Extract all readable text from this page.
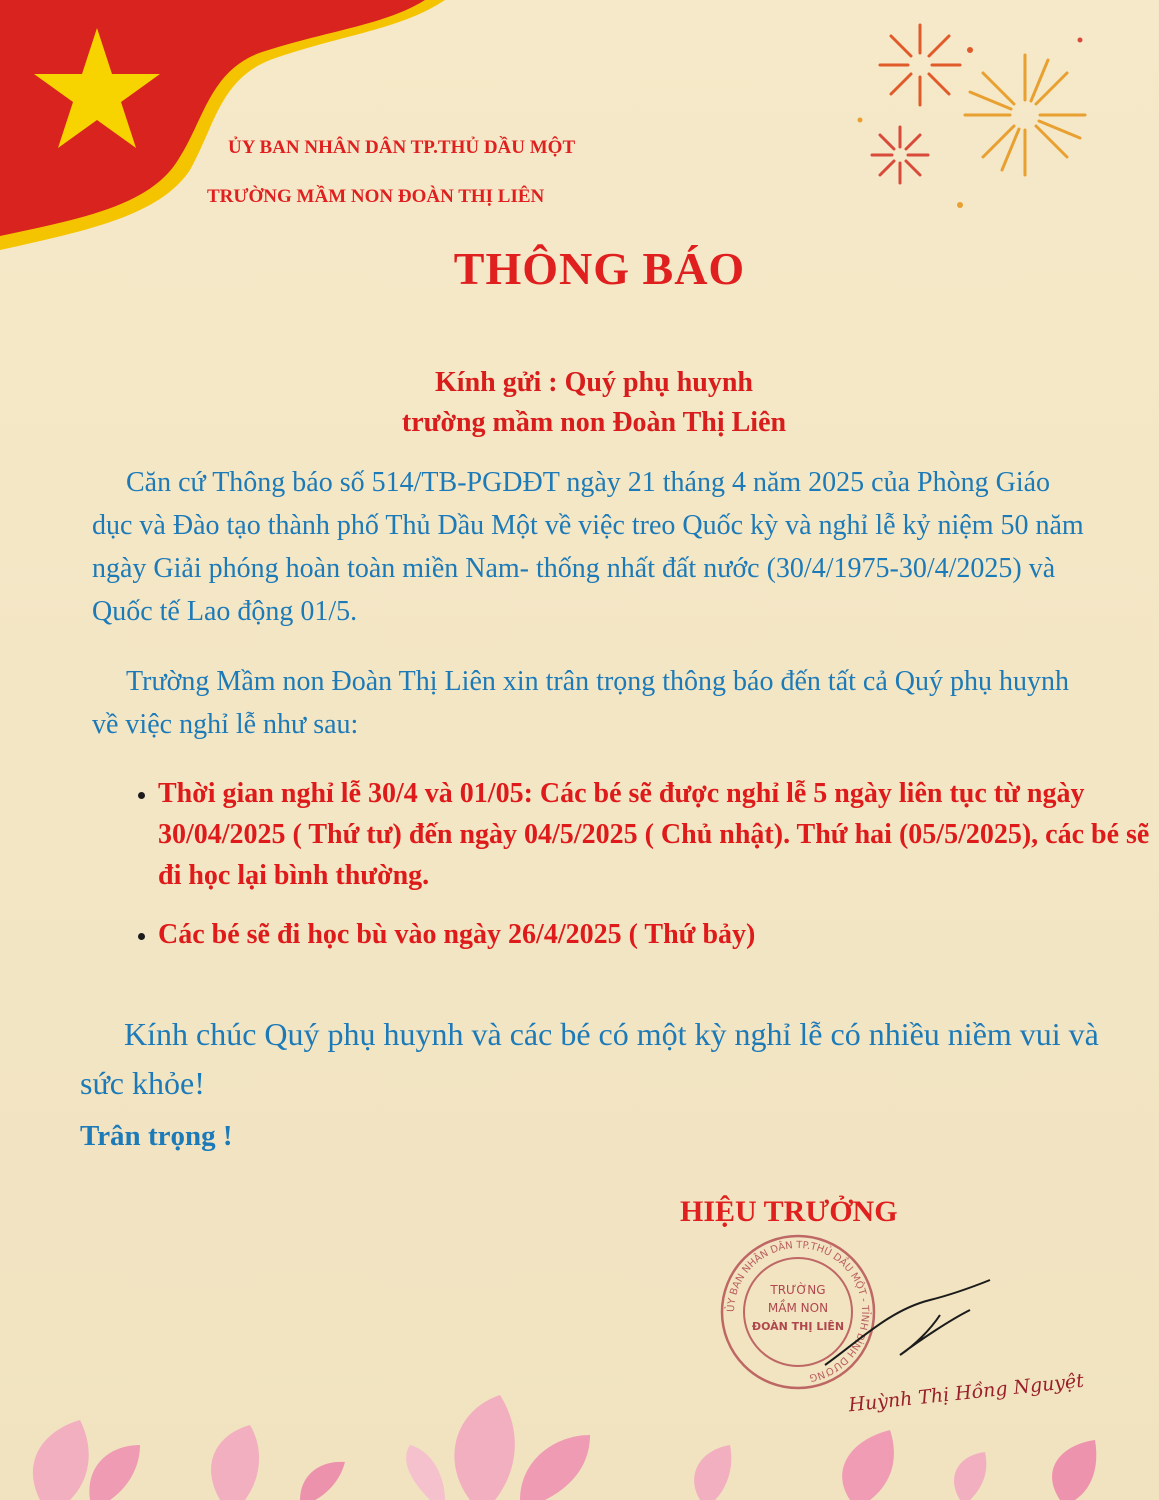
ỦY BAN NHÂN DÂN TP.THỦ DẦU MỘT
TRƯỜNG MẦM NON ĐOÀN THỊ LIÊN
THÔNG BÁO
Kính gửi : Quý phụ huynh
trường mầm non Đoàn Thị Liên
Căn cứ Thông báo số 514/TB-PGDĐT ngày 21 tháng 4 năm 2025 của Phòng Giáo dục và Đào tạo thành phố Thủ Dầu Một về việc treo Quốc kỳ và nghỉ lễ kỷ niệm 50 năm ngày Giải phóng hoàn toàn miền Nam- thống nhất đất nước (30/4/1975-30/4/2025) và Quốc tế Lao động 01/5.
Trường Mầm non Đoàn Thị Liên xin trân trọng thông báo đến tất cả Quý phụ huynh về việc nghỉ lễ như sau:
• Thời gian nghỉ lễ 30/4 và 01/05: Các bé sẽ được nghỉ lễ 5 ngày liên tục từ ngày 30/04/2025 ( Thứ tư) đến ngày 04/5/2025 ( Chủ nhật). Thứ hai (05/5/2025), các bé sẽ đi học lại bình thường.
• Các bé sẽ đi học bù vào ngày 26/4/2025 ( Thứ bảy)
Kính chúc Quý phụ huynh và các bé có một kỳ nghỉ lễ có nhiều niềm vui và sức khỏe!
Trân trọng !
HIỆU TRƯỞNG
ỦY BAN NHÂN DÂN TP.THỦ DẦU MỘT - TỈNH BÌNH DƯƠNG
TRƯỜNG
MẦM NON
ĐOÀN THỊ LIÊN
Huỳnh Thị Hồng Nguyệt
